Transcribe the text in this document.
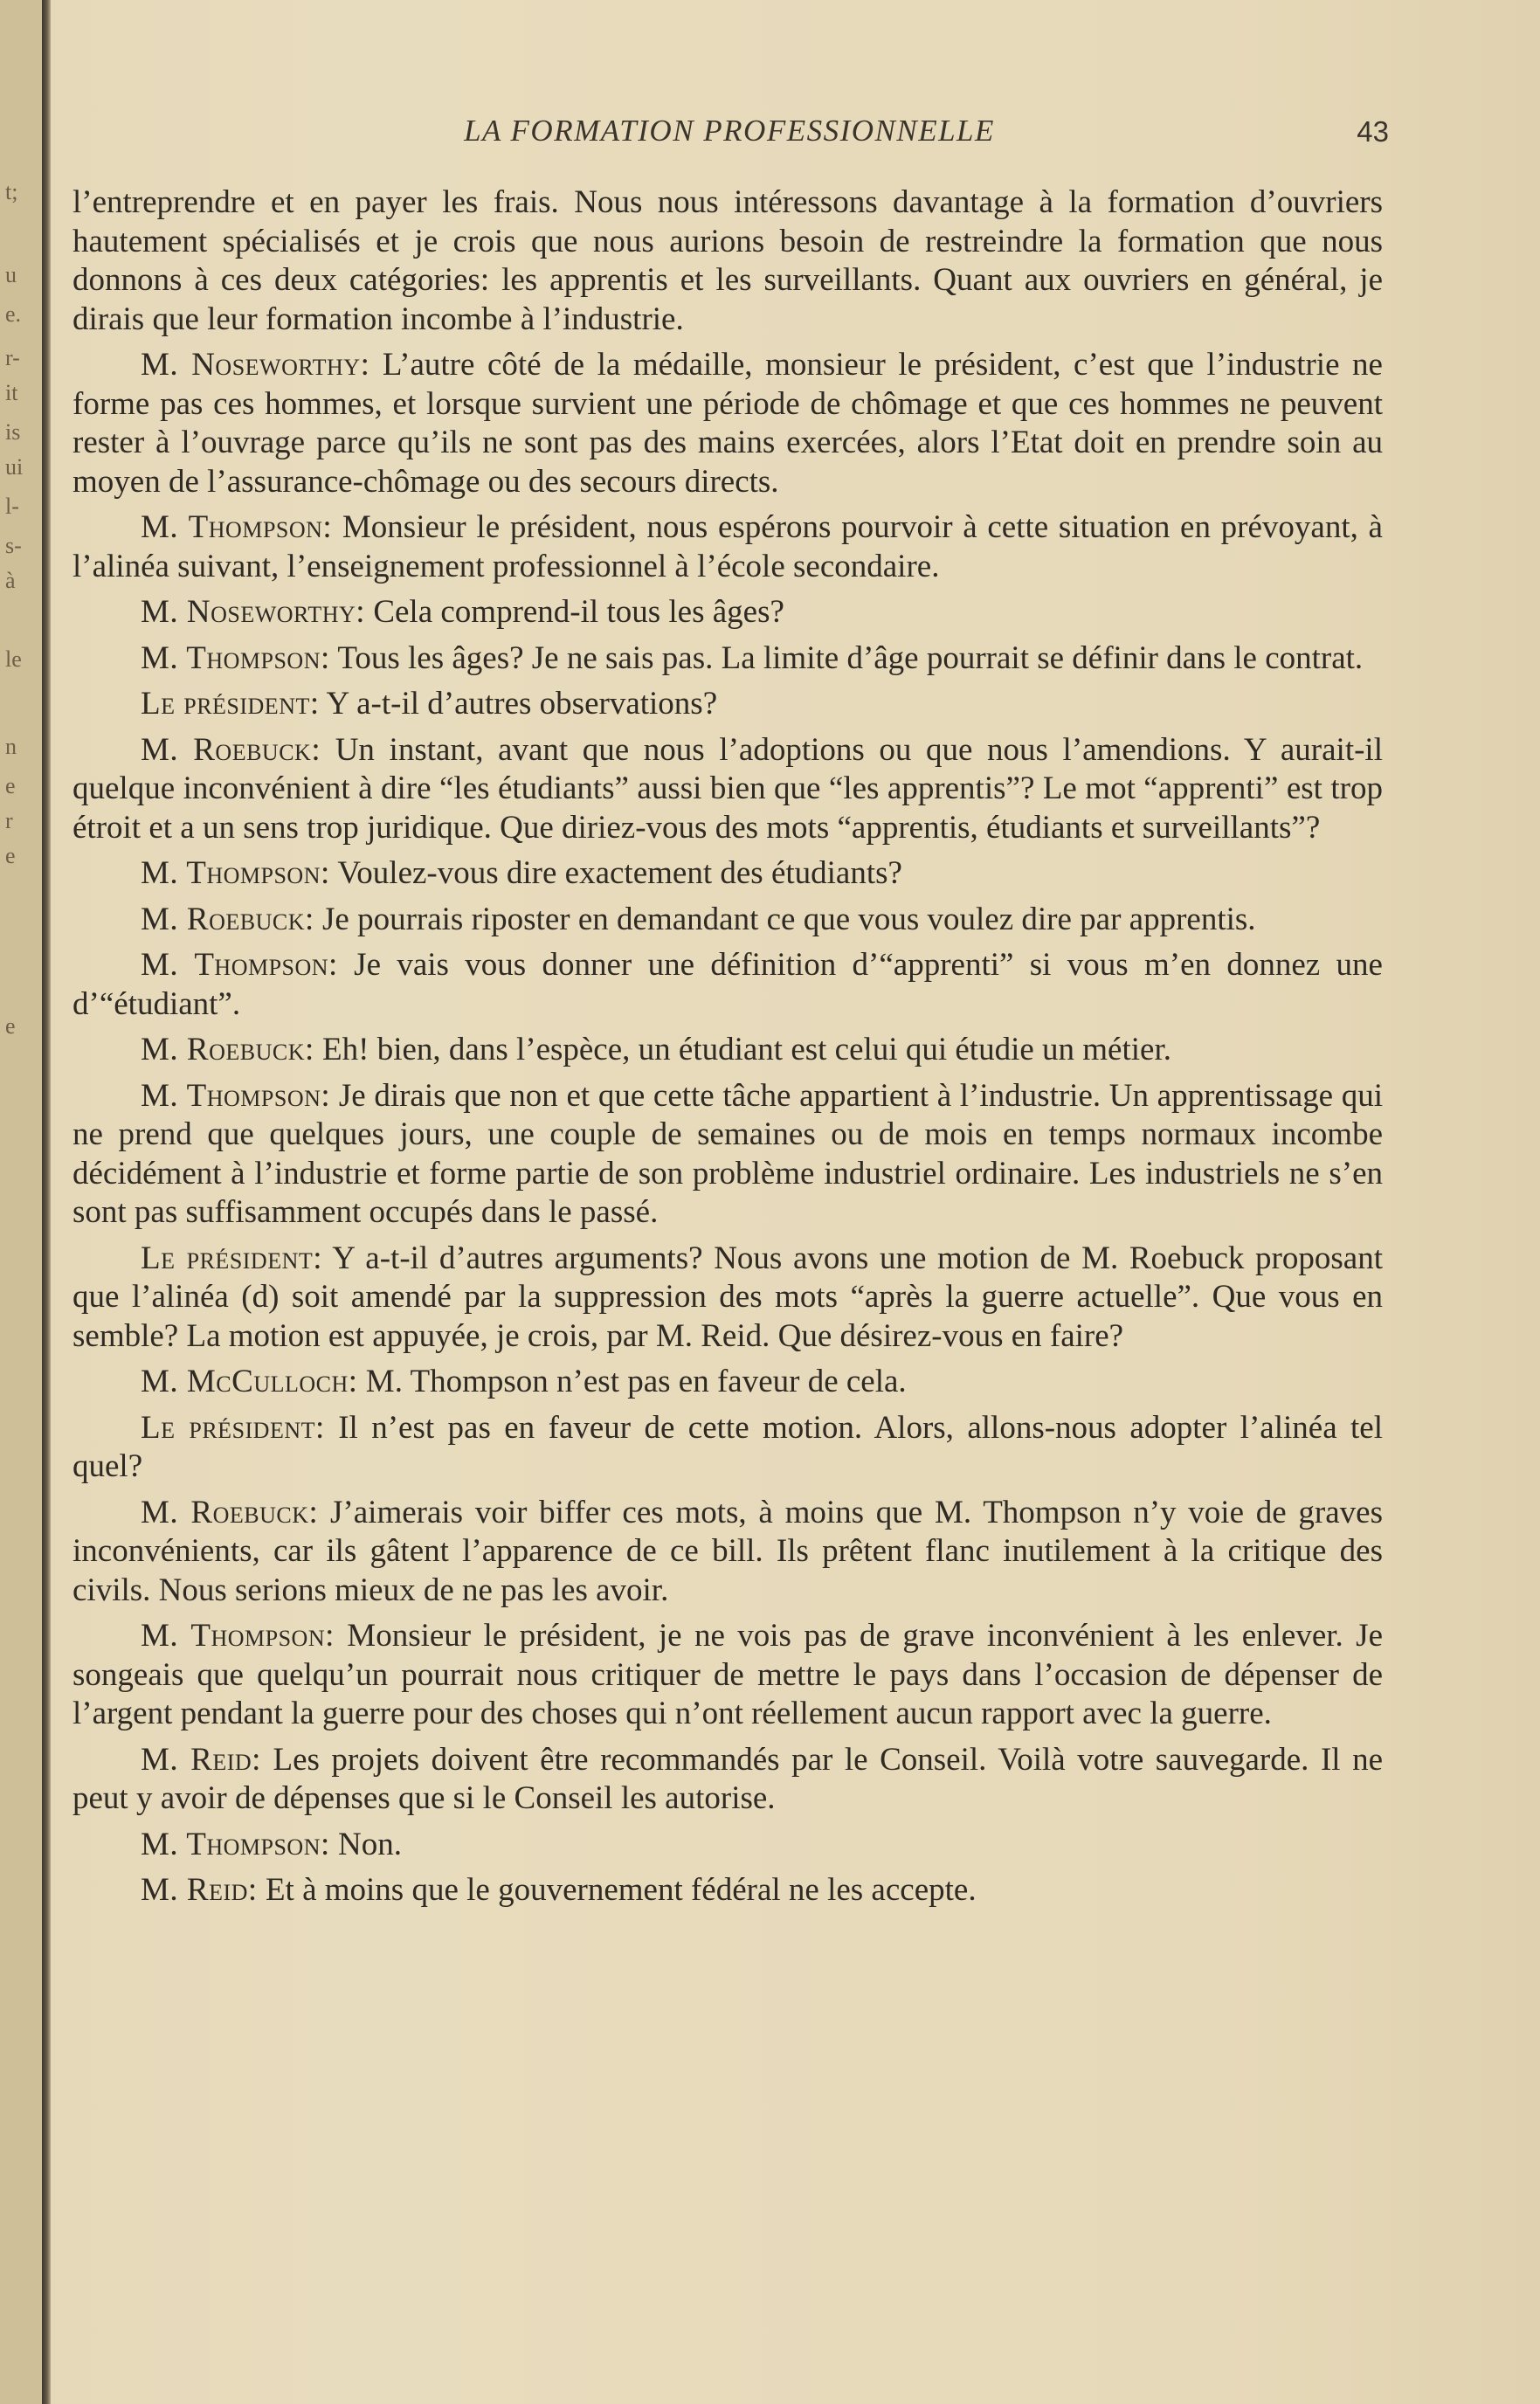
t;
u
e.
r-
it
is
ui
l-
s-
à
le
n
e
r
e
e
LA FORMATION PROFESSIONNELLE	43

l’entreprendre et en payer les frais. Nous nous intéressons davantage à la formation d’ouvriers hautement spécialisés et je crois que nous aurions besoin de restreindre la formation que nous donnons à ces deux catégories: les apprentis et les surveillants. Quant aux ouvriers en général, je dirais que leur formation incombe à l’industrie.

M. Noseworthy: L’autre côté de la médaille, monsieur le président, c’est que l’industrie ne forme pas ces hommes, et lorsque survient une période de chômage et que ces hommes ne peuvent rester à l’ouvrage parce qu’ils ne sont pas des mains exercées, alors l’Etat doit en prendre soin au moyen de l’assurance-chômage ou des secours directs.

M. Thompson: Monsieur le président, nous espérons pourvoir à cette situation en prévoyant, à l’alinéa suivant, l’enseignement professionnel à l’école secondaire.

M. Noseworthy: Cela comprend-il tous les âges?

M. Thompson: Tous les âges? Je ne sais pas. La limite d’âge pourrait se définir dans le contrat.

Le président: Y a-t-il d’autres observations?

M. Roebuck: Un instant, avant que nous l’adoptions ou que nous l’amendions. Y aurait-il quelque inconvénient à dire “les étudiants” aussi bien que “les apprentis”? Le mot “apprenti” est trop étroit et a un sens trop juridique. Que diriez-vous des mots “apprentis, étudiants et surveillants”?

M. Thompson: Voulez-vous dire exactement des étudiants?

M. Roebuck: Je pourrais riposter en demandant ce que vous voulez dire par apprentis.

M. Thompson: Je vais vous donner une définition d’“apprenti” si vous m’en donnez une d’“étudiant”.

M. Roebuck: Eh! bien, dans l’espèce, un étudiant est celui qui étudie un métier.

M. Thompson: Je dirais que non et que cette tâche appartient à l’industrie. Un apprentissage qui ne prend que quelques jours, une couple de semaines ou de mois en temps normaux incombe décidément à l’industrie et forme partie de son problème industriel ordinaire. Les industriels ne s’en sont pas suffisamment occupés dans le passé.

Le président: Y a-t-il d’autres arguments? Nous avons une motion de M. Roebuck proposant que l’alinéa (d) soit amendé par la suppression des mots “après la guerre actuelle”. Que vous en semble? La motion est appuyée, je crois, par M. Reid. Que désirez-vous en faire?

M. McCulloch: M. Thompson n’est pas en faveur de cela.

Le président: Il n’est pas en faveur de cette motion. Alors, allons-nous adopter l’alinéa tel quel?

M. Roebuck: J’aimerais voir biffer ces mots, à moins que M. Thompson n’y voie de graves inconvénients, car ils gâtent l’apparence de ce bill. Ils prêtent flanc inutilement à la critique des civils. Nous serions mieux de ne pas les avoir.

M. Thompson: Monsieur le président, je ne vois pas de grave inconvénient à les enlever. Je songeais que quelqu’un pourrait nous critiquer de mettre le pays dans l’occasion de dépenser de l’argent pendant la guerre pour des choses qui n’ont réellement aucun rapport avec la guerre.

M. Reid: Les projets doivent être recommandés par le Conseil. Voilà votre sauvegarde. Il ne peut y avoir de dépenses que si le Conseil les autorise.

M. Thompson: Non.

M. Reid: Et à moins que le gouvernement fédéral ne les accepte.
